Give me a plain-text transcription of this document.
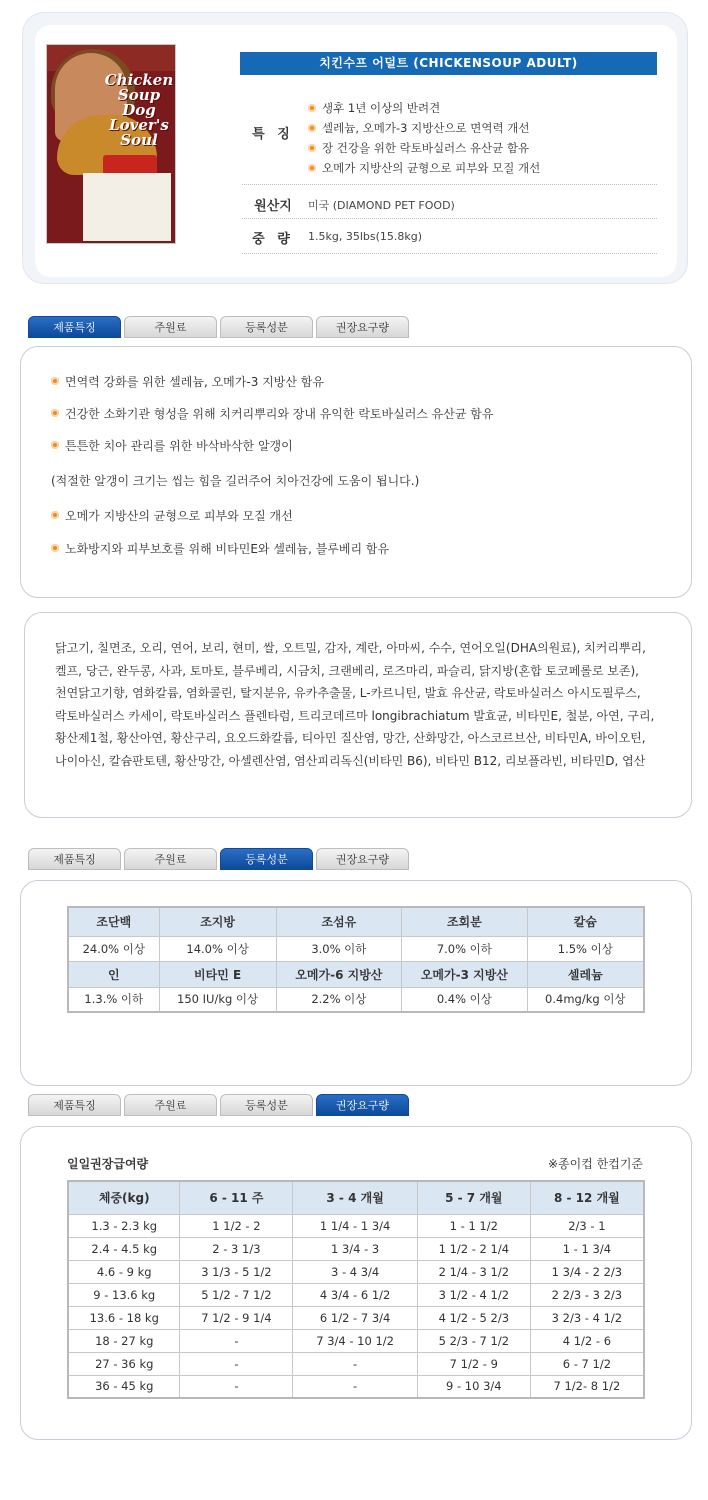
Chicken Soup Dog Lover's Soul
치킨수프 어덜트 (CHICKENSOUP ADULT)
특 징
생후 1년 이상의 반려견
셀레늄, 오메가-3 지방산으로 면역력 개선
장 건강을 위한 락토바실러스 유산균 함유
오메가 지방산의 균형으로 피부와 모질 개선
원산지	미국 (DIAMOND PET FOOD)
중 량	1.5kg, 35lbs(15.8kg)
제품특징	주원료	등록성분	권장요구량
면역력 강화를 위한 셀레늄, 오메가-3 지방산 함유
건강한 소화기관 형성을 위해 치커리뿌리와 장내 유익한 락토바실러스 유산균 함유
튼튼한 치아 관리를 위한 바삭바삭한 알갱이
(적절한 알갱이 크기는 씹는 힘을 길러주어 치아건강에 도움이 됩니다.)
오메가 지방산의 균형으로 피부와 모질 개선
노화방지와 피부보호를 위해 비타민E와 셀레늄, 블루베리 함유
닭고기, 칠면조, 오리, 연어, 보리, 현미, 쌀, 오트밀, 감자, 계란, 아마씨, 수수, 연어오일(DHA의원료), 치커리뿌리,
켈프, 당근, 완두콩, 사과, 토마토, 블루베리, 시금치, 크랜베리, 로즈마리, 파슬리, 닭지방(혼합 토코페롤로 보존),
천연닭고기향, 염화칼륨, 염화콜린, 탈지분유, 유카추출물, L-카르니틴, 발효 유산균, 락토바실러스 아시도필루스,
락토바실러스 카세이, 락토바실러스 플렌타럼, 트리코데르마 longibrachiatum 발효균, 비타민E, 철분, 아연, 구리,
황산제1철, 황산아연, 황산구리, 요오드화칼륨, 티아민 질산염, 망간, 산화망간, 아스코르브산, 비타민A, 바이오틴,
나이아신, 칼슘판토텐, 황산망간, 아셀렌산염, 염산피리독신(비타민 B6), 비타민 B12, 리보플라빈, 비타민D, 엽산
제품특징	주원료	등록성분	권장요구량
조단백	조지방	조섬유	조회분	칼슘
24.0% 이상	14.0% 이상	3.0% 이하	7.0% 이하	1.5% 이상
인	비타민 E	오메가-6 지방산	오메가-3 지방산	셀레늄
1.3.% 이하	150 IU/kg 이상	2.2% 이상	0.4% 이상	0.4mg/kg 이상
제품특징	주원료	등록성분	권장요구량
일일권장급여량	※종이컵 한컵기준
체중(kg)	6 - 11 주	3 - 4 개월	5 - 7 개월	8 - 12 개월
1.3 - 2.3 kg	1 1/2 - 2	1 1/4 - 1 3/4	1 - 1 1/2	2/3 - 1
2.4 - 4.5 kg	2 - 3 1/3	1 3/4 - 3	1 1/2 - 2 1/4	1 - 1 3/4
4.6 - 9 kg	3 1/3 - 5 1/2	3 - 4 3/4	2 1/4 - 3 1/2	1 3/4 - 2 2/3
9 - 13.6 kg	5 1/2 - 7 1/2	4 3/4 - 6 1/2	3 1/2 - 4 1/2	2 2/3 - 3 2/3
13.6 - 18 kg	7 1/2 - 9 1/4	6 1/2 - 7 3/4	4 1/2 - 5 2/3	3 2/3 - 4 1/2
18 - 27 kg	-	7 3/4 - 10 1/2	5 2/3 - 7 1/2	4 1/2 - 6
27 - 36 kg	-	-	7 1/2 - 9	6 - 7 1/2
36 - 45 kg	-	-	9 - 10 3/4	7 1/2- 8 1/2
